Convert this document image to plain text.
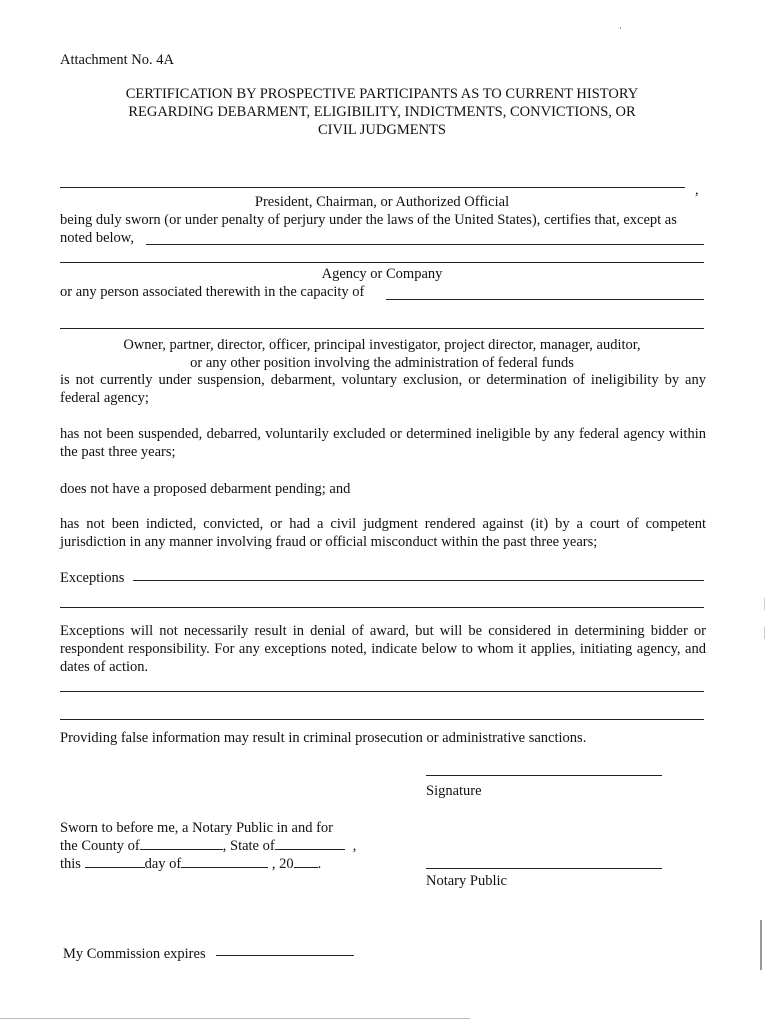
Attachment No. 4A
CERTIFICATION BY PROSPECTIVE PARTICIPANTS AS TO CURRENT HISTORY
REGARDING DEBARMENT, ELIGIBILITY, INDICTMENTS, CONVICTIONS, OR
CIVIL JUDGMENTS
,
President, Chairman, or Authorized Official
being duly sworn (or under penalty of perjury under the laws of the United States), certifies that, except as
noted below,
Agency or Company
or any person associated therewith in the capacity of
Owner, partner, director, officer, principal investigator, project director, manager, auditor,
or any other position involving the administration of federal funds
is not currently under suspension, debarment, voluntary exclusion, or determination of ineligibility by any federal agency;
has not been suspended, debarred, voluntarily excluded or determined ineligible by any federal agency within the past three years;
does not have a proposed debarment pending; and
has not been indicted, convicted, or had a civil judgment rendered against (it) by a court of competent jurisdiction in any manner involving fraud or official misconduct within the past three years;
Exceptions
Exceptions will not necessarily result in denial of award, but will be considered in determining bidder or respondent responsibility. For any exceptions noted, indicate below to whom it applies, initiating agency, and dates of action.
Providing false information may result in criminal prosecution or administrative sanctions.
Signature
Sworn to before me, a Notary Public in and for
the County of	, State of	,
this	day of	, 20 .
Notary Public
My Commission expires
